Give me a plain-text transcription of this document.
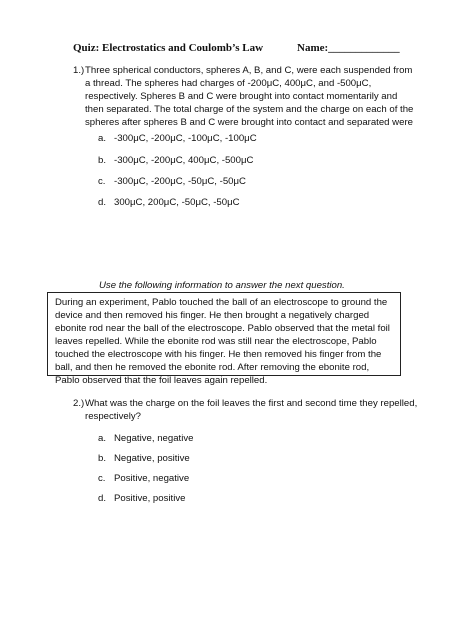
Quiz: Electrostatics and Coulomb’s Law	Name:_____________
1.) Three spherical conductors, spheres A, B, and C, were each suspended from a thread. The spheres had charges of -200μC, 400μC, and -500μC, respectively. Spheres B and C were brought into contact momentarily and then separated. The total charge of the system and the charge on each of the spheres after spheres B and C were brought into contact and separated were
a. -300μC, -200μC, -100μC, -100μC
b. -300μC, -200μC, 400μC, -500μC
c. -300μC, -200μC, -50μC, -50μC
d. 300μC, 200μC, -50μC, -50μC
Use the following information to answer the next question.
During an experiment, Pablo touched the ball of an electroscope to ground the device and then removed his finger. He then brought a negatively charged ebonite rod near the ball of the electroscope. Pablo observed that the metal foil leaves repelled. While the ebonite rod was still near the electroscope, Pablo touched the electroscope with his finger. He then removed his finger from the ball, and then he removed the ebonite rod. After removing the ebonite rod, Pablo observed that the foil leaves again repelled.
2.) What was the charge on the foil leaves the first and second time they repelled, respectively?
a. Negative, negative
b. Negative, positive
c. Positive, negative
d. Positive, positive
